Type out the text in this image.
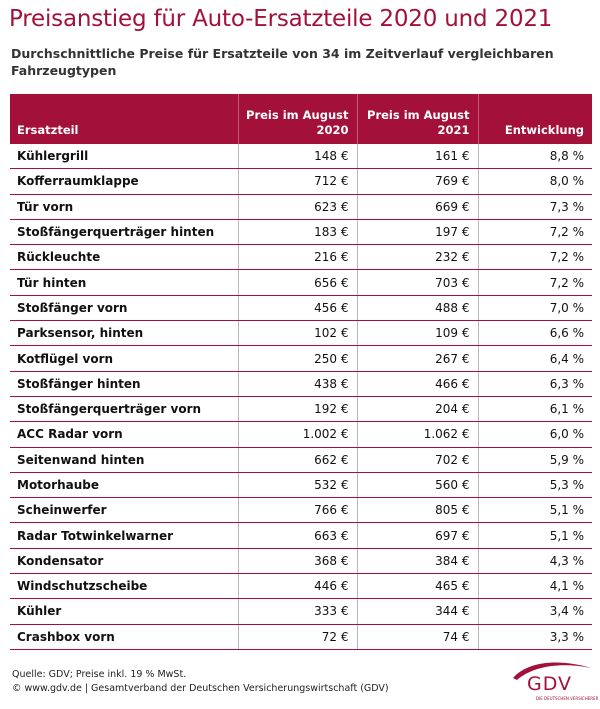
Preisanstieg für Auto-Ersatzteile 2020 und 2021
Durchschnittliche Preise für Ersatzteile von 34 im Zeitverlauf vergleichbaren Fahrzeugtypen
Ersatzteil	Preis im August 2020	Preis im August 2021	Entwicklung
Kühlergrill	148 €	161 €	8,8 %
Kofferraumklappe	712 €	769 €	8,0 %
Tür vorn	623 €	669 €	7,3 %
Stoßfängerquerträger hinten	183 €	197 €	7,2 %
Rückleuchte	216 €	232 €	7,2 %
Tür hinten	656 €	703 €	7,2 %
Stoßfänger vorn	456 €	488 €	7,0 %
Parksensor, hinten	102 €	109 €	6,6 %
Kotflügel vorn	250 €	267 €	6,4 %
Stoßfänger hinten	438 €	466 €	6,3 %
Stoßfängerquerträger vorn	192 €	204 €	6,1 %
ACC Radar vorn	1.002 €	1.062 €	6,0 %
Seitenwand hinten	662 €	702 €	5,9 %
Motorhaube	532 €	560 €	5,3 %
Scheinwerfer	766 €	805 €	5,1 %
Radar Totwinkelwarner	663 €	697 €	5,1 %
Kondensator	368 €	384 €	4,3 %
Windschutzscheibe	446 €	465 €	4,1 %
Kühler	333 €	344 €	3,4 %
Crashbox vorn	72 €	74 €	3,3 %
Quelle: GDV; Preise inkl. 19 % MwSt.
© www.gdv.de | Gesamtverband der Deutschen Versicherungswirtschaft (GDV)	GDV
DIE DEUTSCHEN VERSICHERER
